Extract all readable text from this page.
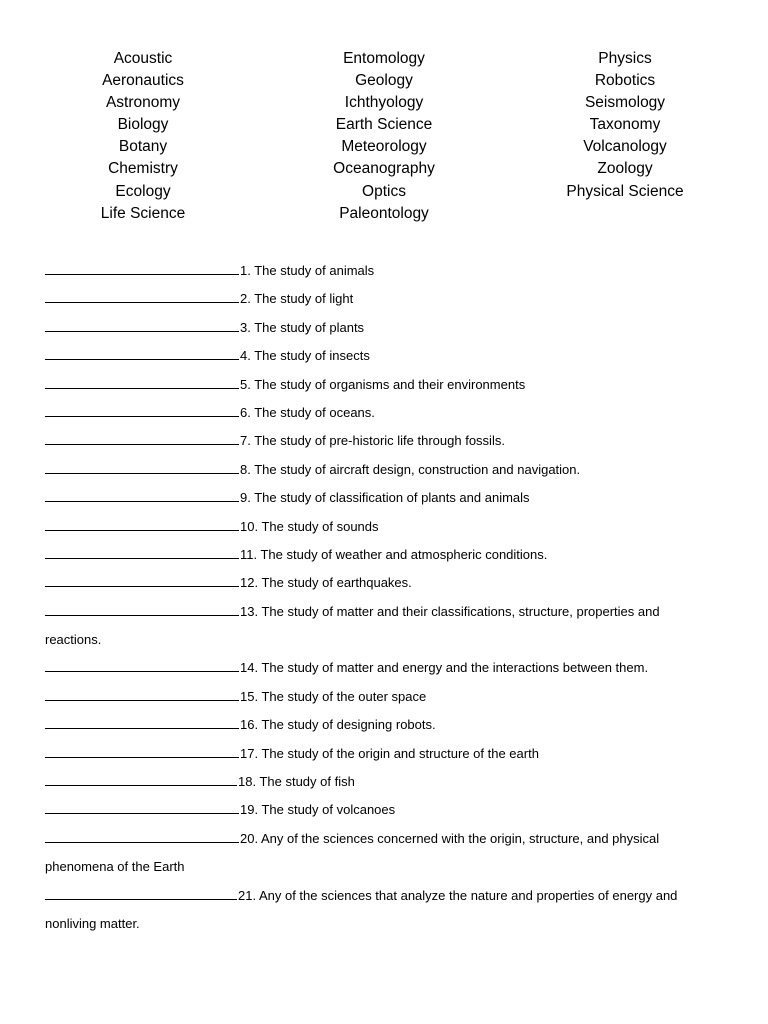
Acoustic
Aeronautics
Astronomy
Biology
Botany
Chemistry
Ecology
Life Science
Entomology
Geology
Ichthyology
Earth Science
Meteorology
Oceanography
Optics
Paleontology
Physics
Robotics
Seismology
Taxonomy
Volcanology
Zoology
Physical Science
1. The study of animals
2. The study of light
3. The study of plants
4. The study of insects
5. The study of organisms and their environments
6. The study of oceans.
7. The study of pre-historic life through fossils.
8. The study of aircraft design, construction and navigation.
9. The study of classification of plants and animals
10. The study of sounds
11. The study of weather and atmospheric conditions.
12. The study of earthquakes.
13. The study of matter and their classifications, structure, properties and
reactions.
14. The study of matter and energy and the interactions between them.
15. The study of the outer space
16. The study of designing robots.
17. The study of the origin and structure of the earth
18. The study of fish
19. The study of volcanoes
20. Any of the sciences concerned with the origin, structure, and physical
phenomena of the Earth
21. Any of the sciences that analyze the nature and properties of energy and
nonliving matter.
